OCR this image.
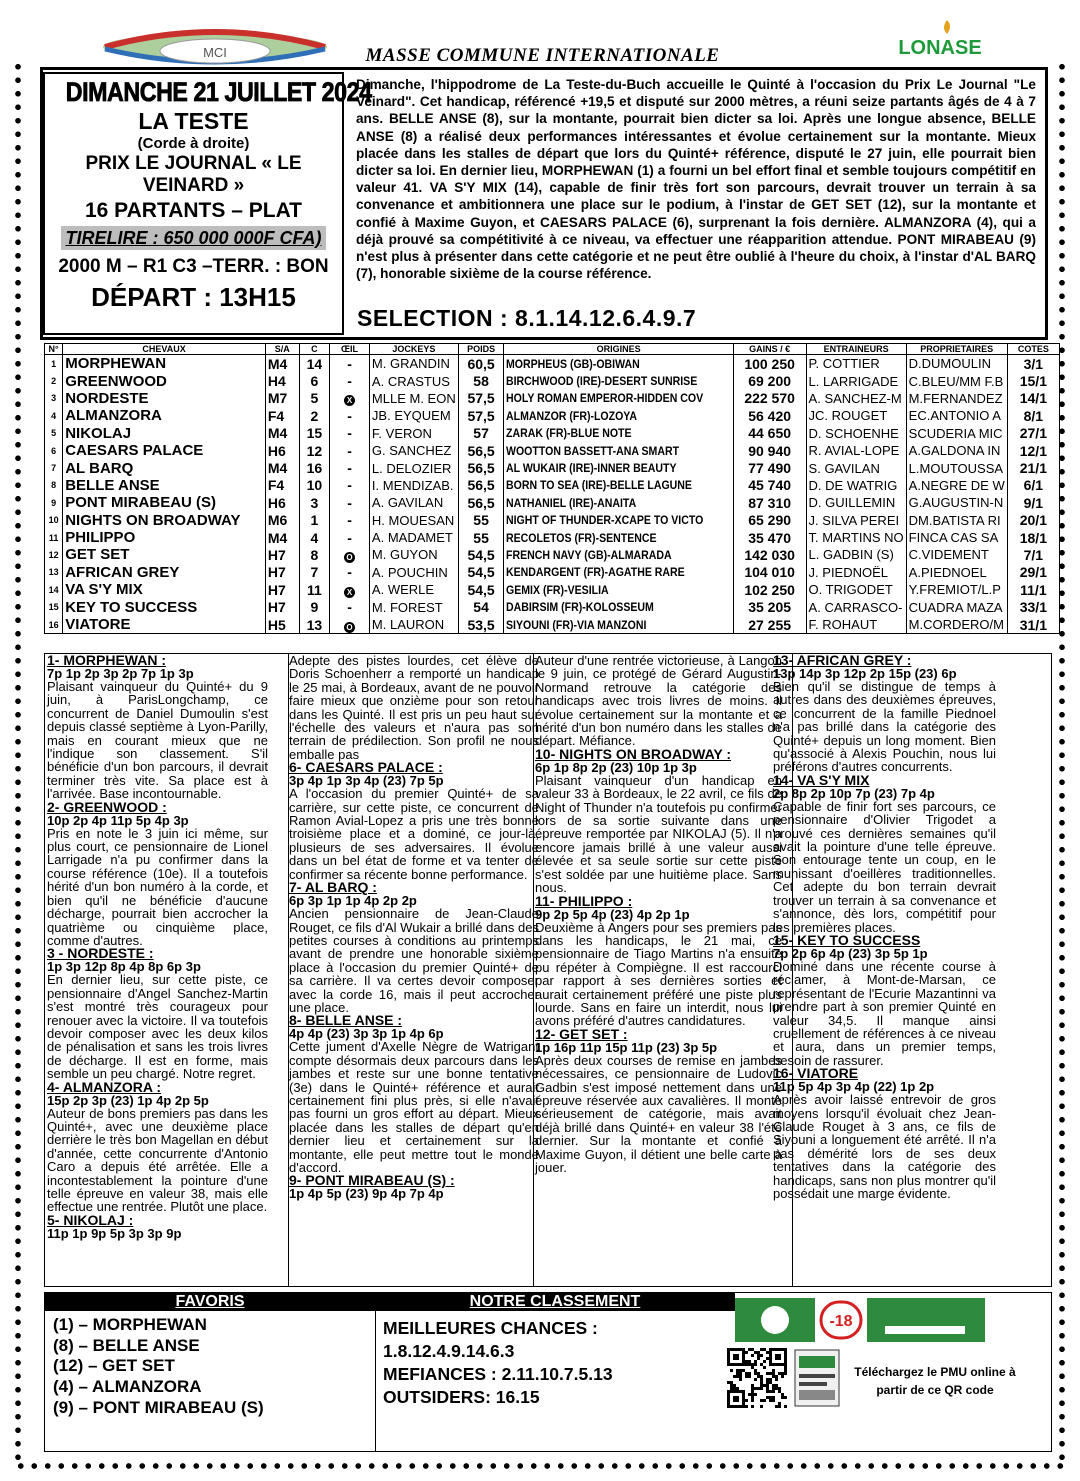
MCI	LONASE
MASSE COMMUNE INTERNATIONALE
DIMANCHE 21 JUILLET 2024
LA TESTE
(Corde à droite)
PRIX LE JOURNAL « LE
VEINARD »
16 PARTANTS – PLAT
TIRELIRE : 650 000 000F CFA)
2000 M – R1 C3 –TERR. : BON
DÉPART : 13H15
Dimanche, l'hippodrome de La Teste-du-Buch accueille le Quinté à l'occasion du Prix Le Journal "Le Veinard". Cet handicap, référencé +19,5 et disputé sur 2000 mètres, a réuni seize partants âgés de 4 à 7 ans. BELLE ANSE (8), sur la montante, pourrait bien dicter sa loi. Après une longue absence, BELLE ANSE (8) a réalisé deux performances intéressantes et évolue certainement sur la montante. Mieux placée dans les stalles de départ que lors du Quinté+ référence, disputé le 27 juin, elle pourrait bien dicter sa loi. En dernier lieu, MORPHEWAN (1) a fourni un bel effort final et semble toujours compétitif en valeur 41. VA S'Y MIX (14), capable de finir très fort son parcours, devrait trouver un terrain à sa convenance et ambitionnera une place sur le podium, à l'instar de GET SET (12), sur la montante et confié à Maxime Guyon, et CAESARS PALACE (6), surprenant la fois dernière. ALMANZORA (4), qui a déjà prouvé sa compétitivité à ce niveau, va effectuer une réapparition attendue. PONT MIRABEAU (9) n'est plus à présenter dans cette catégorie et ne peut être oublié à l'heure du choix, à l'instar d'AL BARQ (7), honorable sixième de la course référence.
SELECTION : 8.1.14.12.6.4.9.7
N°	CHEVAUX	S/A	C	ŒIL	JOCKEYS	POIDS	ORIGINES	GAINS / €	ENTRAINEURS	PROPRIETAIRES	COTES
1	MORPHEWAN	M4	14	-	M. GRANDIN	60,5	MORPHEUS (GB)-OBIWAN	100 250	P. COTTIER	D.DUMOULIN	3/1
2	GREENWOOD	H4	6	-	A. CRASTUS	58	BIRCHWOOD (IRE)-DESERT SUNRISE	69 200	L. LARRIGADE	C.BLEU/MM F.B	15/1
3	NORDESTE	M7	5	X	MLLE M. EON	57,5	HOLY ROMAN EMPEROR-HIDDEN COV	222 570	A. SANCHEZ-M	M.FERNANDEZ	14/1
4	ALMANZORA	F4	2	-	JB. EYQUEM	57,5	ALMANZOR (FR)-LOZOYA	56 420	JC. ROUGET	EC.ANTONIO A	8/1
5	NIKOLAJ	M4	15	-	F. VERON	57	ZARAK (FR)-BLUE NOTE	44 650	D. SCHOENHE	SCUDERIA MIC	27/1
6	CAESARS PALACE	H6	12	-	G. SANCHEZ	56,5	WOOTTON BASSETT-ANA SMART	90 940	R. AVIAL-LOPE	A.GALDONA IN	12/1
7	AL BARQ	M4	16	-	L. DELOZIER	56,5	AL WUKAIR (IRE)-INNER BEAUTY	77 490	S. GAVILAN	L.MOUTOUSSA	21/1
8	BELLE ANSE	F4	10	-	I. MENDIZAB.	56,5	BORN TO SEA (IRE)-BELLE LAGUNE	45 740	D. DE WATRIG	A.NEGRE DE W	6/1
9	PONT MIRABEAU (S)	H6	3	-	A. GAVILAN	56,5	NATHANIEL (IRE)-ANAITA	87 310	D. GUILLEMIN	G.AUGUSTIN-N	9/1
10	NIGHTS ON BROADWAY	M6	1	-	H. MOUESAN	55	NIGHT OF THUNDER-XCAPE TO VICTO	65 290	J. SILVA PEREI	DM.BATISTA RI	20/1
11	PHILIPPO	M4	4	-	A. MADAMET	55	RECOLETOS (FR)-SENTENCE	35 470	T. MARTINS NO	FINCA CAS SA	18/1
12	GET SET	H7	8	O	M. GUYON	54,5	FRENCH NAVY (GB)-ALMARADA	142 030	L. GADBIN (S)	C.VIDEMENT	7/1
13	AFRICAN GREY	H7	7	-	A. POUCHIN	54,5	KENDARGENT (FR)-AGATHE RARE	104 010	J. PIEDNOËL	A.PIEDNOEL	29/1
14	VA S'Y MIX	H7	11	X	A. WERLE	54,5	GEMIX (FR)-VESILIA	102 250	O. TRIGODET	Y.FREMIOT/L.P	11/1
15	KEY TO SUCCESS	H7	9	-	M. FOREST	54	DABIRSIM (FR)-KOLOSSEUM	35 205	A. CARRASCO-	CUADRA MAZA	33/1
16	VIATORE	H5	13	O	M. LAURON	53,5	SIYOUNI (FR)-VIA MANZONI	27 255	F. ROHAUT	M.CORDERO/M	31/1

1- MORPHEWAN :

7p 1p 2p 3p 2p 7p 1p 3p

Plaisant vainqueur du Quinté+ du 9 juin, à ParisLongchamp, ce concurrent de Daniel Dumoulin s'est depuis classé septième à Lyon-Parilly, mais en courant mieux que ne l'indique son classement. S'il bénéficie d'un bon parcours, il devrait terminer très vite. Sa place est à l'arrivée. Base incontournable.

2- GREENWOOD :

10p 2p 4p 11p 5p 4p 3p

Pris en note le 3 juin ici même, sur plus court, ce pensionnaire de Lionel Larrigade n'a pu confirmer dans la course référence (10e). Il a toutefois hérité d'un bon numéro à la corde, et bien qu'il ne bénéficie d'aucune décharge, pourrait bien accrocher la quatrième ou cinquième place, comme d'autres.

3 - NORDESTE :

1p 3p 12p 8p 4p 8p 6p 3p

En dernier lieu, sur cette piste, ce pensionnaire d'Angel Sanchez-Martin s'est montré très courageux pour renouer avec la victoire. Il va toutefois devoir composer avec les deux kilos de pénalisation et sans les trois livres de décharge. Il est en forme, mais semble un peu chargé. Notre regret.

4- ALMANZORA :

15p 2p 3p (23) 1p 4p 2p 5p

Auteur de bons premiers pas dans les Quinté+, avec une deuxième place derrière le très bon Magellan en début d'année, cette concurrente d'Antonio Caro a depuis été arrêtée. Elle a incontestablement la pointure d'une telle épreuve en valeur 38, mais elle effectue une rentrée. Plutôt une place.

5- NIKOLAJ :

11p 1p 9p 5p 3p 3p 9p

Adepte des pistes lourdes, cet élève de Doris Schoenherr a remporté un handicap le 25 mai, à Bordeaux, avant de ne pouvoir faire mieux que onzième pour son retour dans les Quinté. Il est pris un peu haut sur l'échelle des valeurs et n'aura pas son terrain de prédilection. Son profil ne nous emballe pas

6- CAESARS PALACE :

3p 4p 1p 3p 4p (23) 7p 5p

A l'occasion du premier Quinté+ de sa carrière, sur cette piste, ce concurrent de Ramon Avial-Lopez a pris une très bonne troisième place et a dominé, ce jour-là, plusieurs de ses adversaires. Il évolue dans un bel état de forme et va tenter de confirmer sa récente bonne performance.

7- AL BARQ :

6p 3p 1p 1p 4p 2p 2p

Ancien pensionnaire de Jean-Claude Rouget, ce fils d'Al Wukair a brillé dans des petites courses à conditions au printemps avant de prendre une honorable sixième place à l'occasion du premier Quinté+ de sa carrière. Il va certes devoir composer avec la corde 16, mais il peut accrocher une place.

8- BELLE ANSE :

4p 4p (23) 3p 3p 1p 4p 6p

Cette jument d'Axelle Nègre de Watrigant compte désormais deux parcours dans les jambes et reste sur une bonne tentative (3e) dans le Quinté+ référence et aurait certainement fini plus près, si elle n'avait pas fourni un gros effort au départ. Mieux placée dans les stalles de départ qu'en dernier lieu et certainement sur la montante, elle peut mettre tout le monde d'accord.

9- PONT MIRABEAU (S) :

1p 4p 5p (23) 9p 4p 7p 4p

Auteur d'une rentrée victorieuse, à Langon le 9 juin, ce protégé de Gérard Augustin-Normand retrouve la catégorie des handicaps avec trois livres de moins. Il évolue certainement sur la montante et a hérité d'un bon numéro dans les stalles de départ. Méfiance.

10- NIGHTS ON BROADWAY :

6p 1p 8p 2p (23) 10p 1p 3p

Plaisant vainqueur d'un handicap en valeur 33 à Bordeaux, le 22 avril, ce fils de Night of Thunder n'a toutefois pu confirmer lors de sa sortie suivante dans une épreuve remportée par NIKOLAJ (5). Il n'a encore jamais brillé à une valeur aussi élevée et sa seule sortie sur cette piste s'est soldée par une huitième place. Sans nous.

11- PHILIPPO :

9p 2p 5p 4p (23) 4p 2p 1p

Deuxième à Angers pour ses premiers pas dans les handicaps, le 21 mai, ce pensionnaire de Tiago Martins n'a ensuite pu répéter à Compiègne. Il est raccourci par rapport à ses dernières sorties et aurait certainement préféré une piste plus lourde. Sans en faire un interdit, nous lui avons préféré d'autres candidatures.

12- GET SET :

1p 16p 11p 15p 11p (23) 3p 5p

Après deux courses de remise en jambes nécessaires, ce pensionnaire de Ludovic Gadbin s'est imposé nettement dans une épreuve réservée aux cavalières. Il monte sérieusement de catégorie, mais avait déjà brillé dans Quinté+ en valeur 38 l'été dernier. Sur la montante et confié à Maxime Guyon, il détient une belle carte à jouer.

13- AFRICAN GREY :

13p 14p 3p 12p 2p 15p (23) 6p

Bien qu'il se distingue de temps à autres dans des deuxièmes épreuves, ce concurrent de la famille Piednoel n'a pas brillé dans la catégorie des Quinté+ depuis un long moment. Bien qu'associé à Alexis Pouchin, nous lui préférons d'autres concurrents.

14- VA S'Y MIX

2p 8p 2p 10p 7p (23) 7p 4p

Capable de finir fort ses parcours, ce pensionnaire d'Olivier Trigodet a prouvé ces dernières semaines qu'il avait la pointure d'une telle épreuve. Son entourage tente un coup, en le munissant d'oeillères traditionnelles. Cet adepte du bon terrain devrait trouver un terrain à sa convenance et s'annonce, dès lors, compétitif pour les premières places.

15- KEY TO SUCCESS

7p 2p 6p 4p (23) 3p 5p 1p

Dominé dans une récente course à réclamer, à Mont-de-Marsan, ce représentant de l'Ecurie Mazantinni va prendre part à son premier Quinté en valeur 34,5. Il manque ainsi cruellement de références à ce niveau et aura, dans un premier temps, besoin de rassurer.

16- VIATORE

11p 5p 4p 3p 4p (22) 1p 2p

Après avoir laissé entrevoir de gros moyens lorsqu'il évoluait chez Jean-Claude Rouget à 3 ans, ce fils de Siyouni a longuement été arrêté. Il n'a pas démérité lors de ses deux tentatives dans la catégorie des handicaps, sans non plus montrer qu'il possédait une marge évidente.

FAVORIS	NOTRE CLASSEMENT
(1) – MORPHEWAN
(8) – BELLE ANSE
(12) – GET SET
(4) – ALMANZORA
(9) – PONT MIRABEAU (S)
MEILLEURES CHANCES :
1.8.12.4.9.14.6.3
MEFIANCES : 2.11.10.7.5.13
OUTSIDERS: 16.15
-18
Téléchargez le PMU online à partir de ce QR code
